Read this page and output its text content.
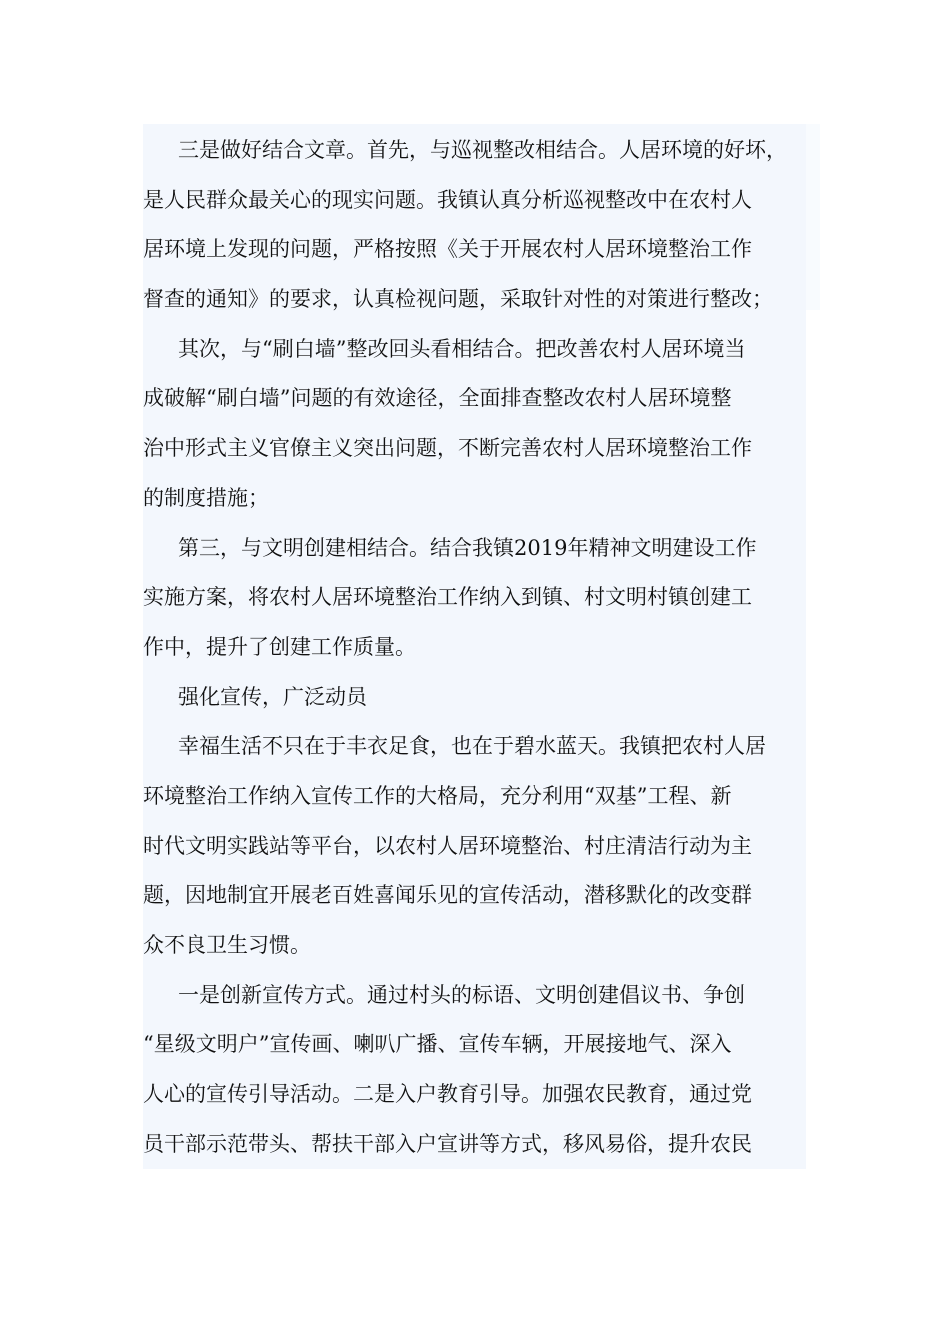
三是做好结合文章。首先，与巡视整改相结合。人居环境的好坏，
是人民群众最关心的现实问题。我镇认真分析巡视整改中在农村人
居环境上发现的问题，严格按照《关于开展农村人居环境整治工作
督查的通知》的要求，认真检视问题，采取针对性的对策进行整改；
其次，与“刷白墙”整改回头看相结合。把改善农村人居环境当
成破解“刷白墙”问题的有效途径，全面排查整改农村人居环境整
治中形式主义官僚主义突出问题，不断完善农村人居环境整治工作
的制度措施；
第三，与文明创建相结合。结合我镇2019年精神文明建设工作
实施方案，将农村人居环境整治工作纳入到镇、村文明村镇创建工
作中，提升了创建工作质量。
强化宣传，广泛动员
幸福生活不只在于丰衣足食，也在于碧水蓝天。我镇把农村人居
环境整治工作纳入宣传工作的大格局，充分利用“双基”工程、新
时代文明实践站等平台，以农村人居环境整治、村庄清洁行动为主
题，因地制宜开展老百姓喜闻乐见的宣传活动，潜移默化的改变群
众不良卫生习惯。
一是创新宣传方式。通过村头的标语、文明创建倡议书、争创
“星级文明户”宣传画、喇叭广播、宣传车辆，开展接地气、深入
人心的宣传引导活动。二是入户教育引导。加强农民教育，通过党
员干部示范带头、帮扶干部入户宣讲等方式，移风易俗，提升农民
